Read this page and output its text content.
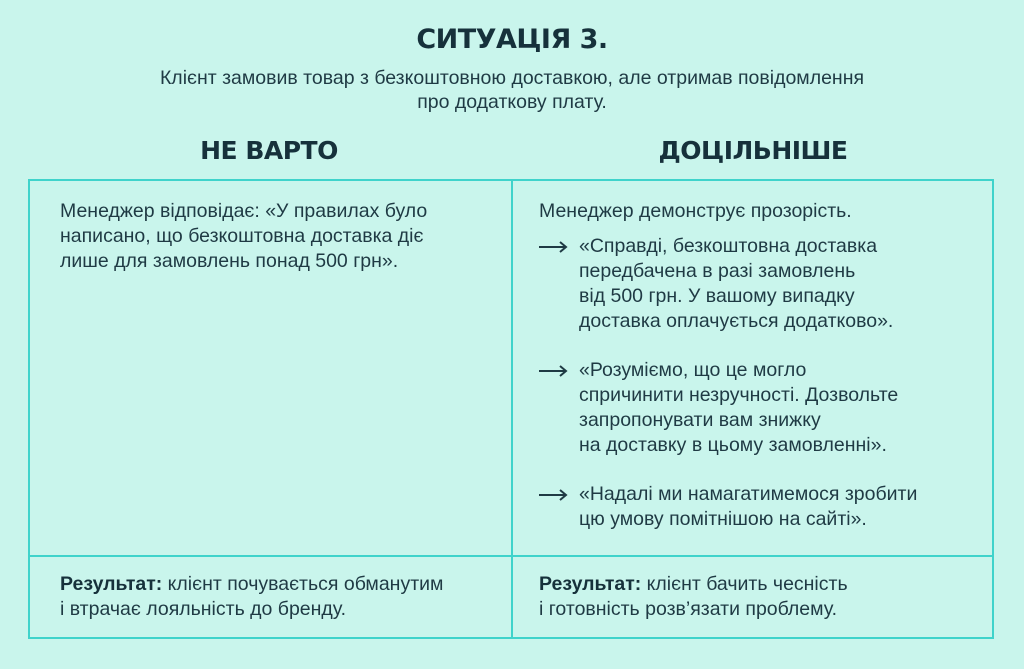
СИТУАЦІЯ 3.
Клієнт замовив товар з безкоштовною доставкою, але отримав повідомлення
про додаткову плату.
НЕ ВАРТО	ДОЦІЛЬНІШЕ
Менеджер відповідає: «У правилах було
написано, що безкоштовна доставка діє
лише для замовлень понад 500 грн».
Менеджер демонструє прозорість.
«Справді, безкоштовна доставка
передбачена в разі замовлень
від 500 грн. У вашому випадку
доставка оплачується додатково».
«Розуміємо, що це могло
спричинити незручності. Дозвольте
запропонувати вам знижку
на доставку в цьому замовленні».
«Надалі ми намагатимемося зробити
цю умову помітнішою на сайті».
Результат: клієнт почувається обманутим
і втрачає лояльність до бренду.
Результат: клієнт бачить чесність
і готовність розв’язати проблему.
